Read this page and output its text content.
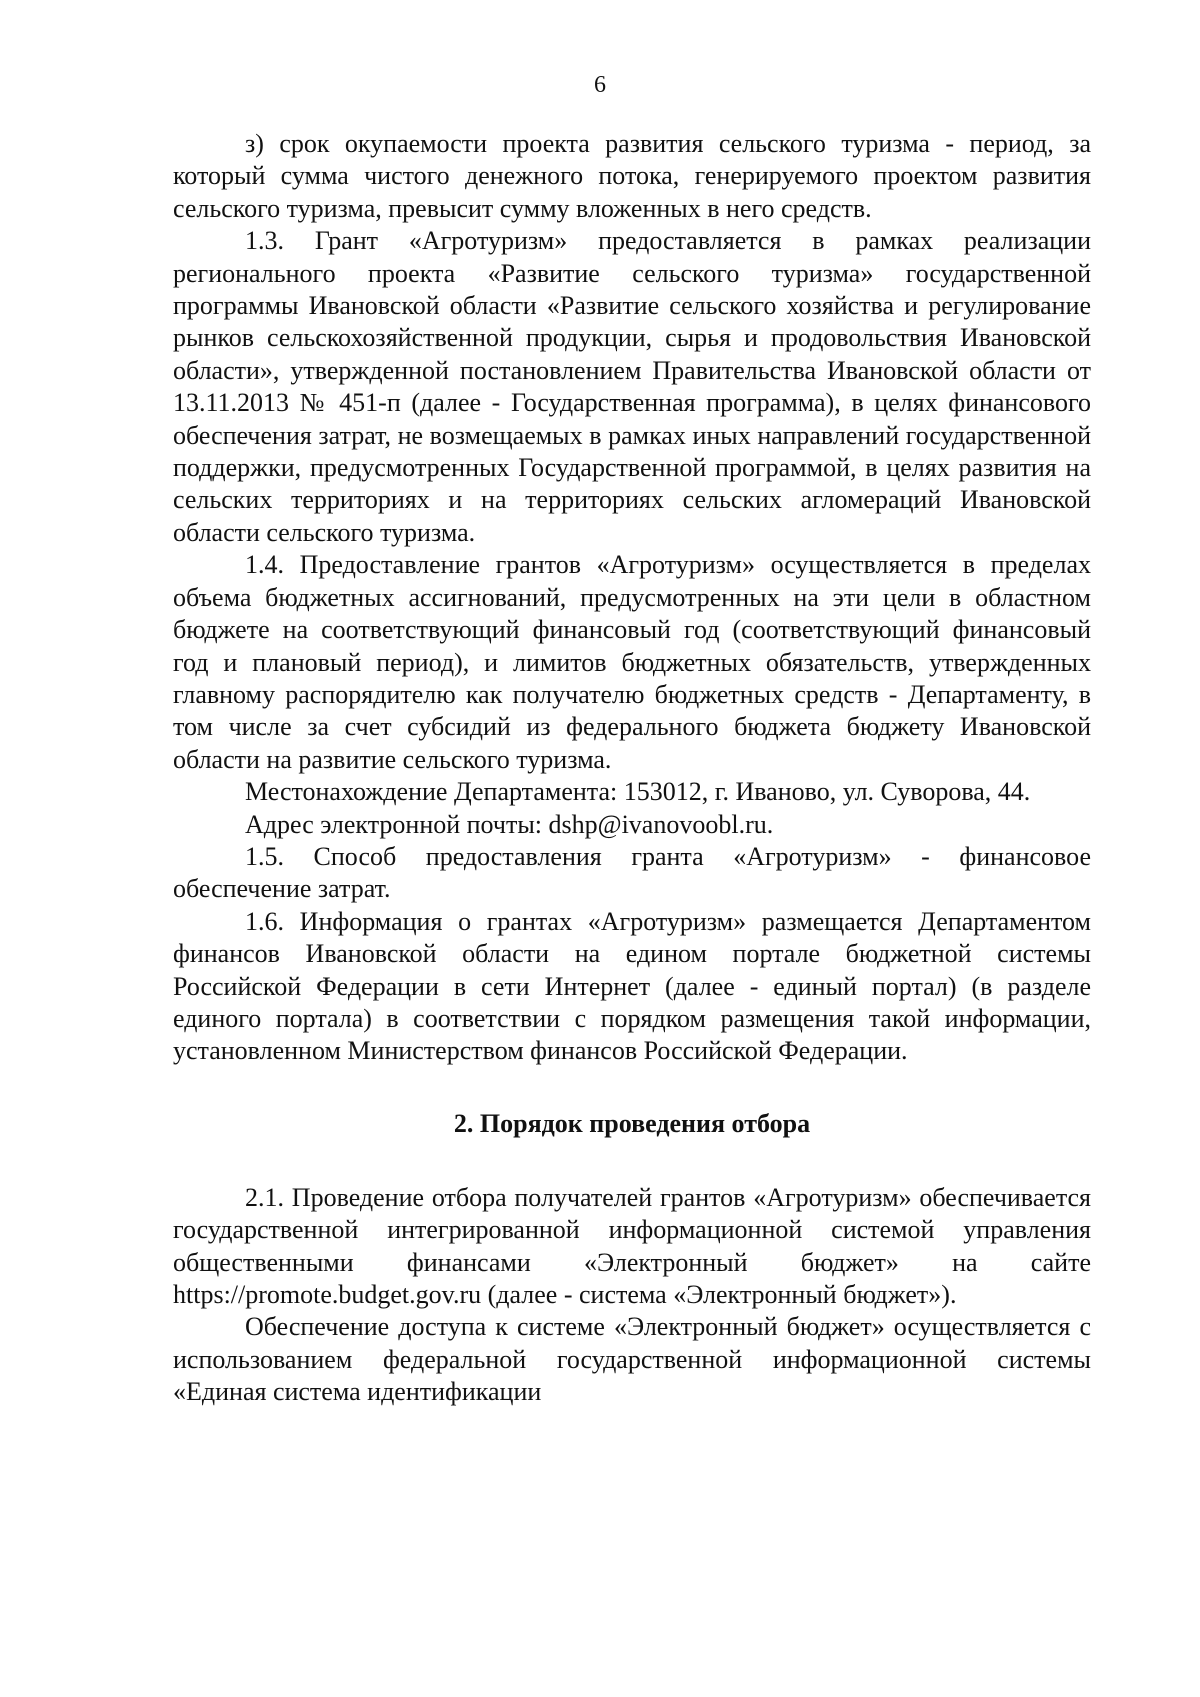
6

з) срок окупаемости проекта развития сельского туризма - период, за который сумма чистого денежного потока, генерируемого проектом развития сельского туризма, превысит сумму вложенных в него средств.

1.3. Грант «Агротуризм» предоставляется в рамках реализации регионального проекта «Развитие сельского туризма» государственной программы Ивановской области «Развитие сельского хозяйства и регулирование рынков сельскохозяйственной продукции, сырья и продовольствия Ивановской области», утвержденной постановлением Правительства Ивановской области от 13.11.2013 № 451-п (далее - Государственная программа), в целях финансового обеспечения затрат, не возмещаемых в рамках иных направлений государственной поддержки, предусмотренных Государственной программой, в целях развития на сельских территориях и на территориях сельских агломераций Ивановской области сельского туризма.

1.4. Предоставление грантов «Агротуризм» осуществляется в пределах объема бюджетных ассигнований, предусмотренных на эти цели в областном бюджете на соответствующий финансовый год (соответствующий финансовый год и плановый период), и лимитов бюджетных обязательств, утвержденных главному распорядителю как получателю бюджетных средств - Департаменту, в том числе за счет субсидий из федерального бюджета бюджету Ивановской области на развитие сельского туризма.

Местонахождение Департамента: 153012, г. Иваново, ул. Суворова, 44.

Адрес электронной почты: dshp@ivanovoobl.ru.

1.5. Способ предоставления гранта «Агротуризм» - финансовое обеспечение затрат.

1.6. Информация о грантах «Агротуризм» размещается Департаментом финансов Ивановской области на едином портале бюджетной системы Российской Федерации в сети Интернет (далее - единый портал) (в разделе единого портала) в соответствии с порядком размещения такой информации, установленном Министерством финансов Российской Федерации.

2. Порядок проведения отбора

2.1. Проведение отбора получателей грантов «Агротуризм» обеспечивается государственной интегрированной информационной системой управления общественными финансами «Электронный бюджет» на сайте https://promote.budget.gov.ru (далее - система «Электронный бюджет»).

Обеспечение доступа к системе «Электронный бюджет» осуществляется с использованием федеральной государственной информационной системы «Единая система идентификации
